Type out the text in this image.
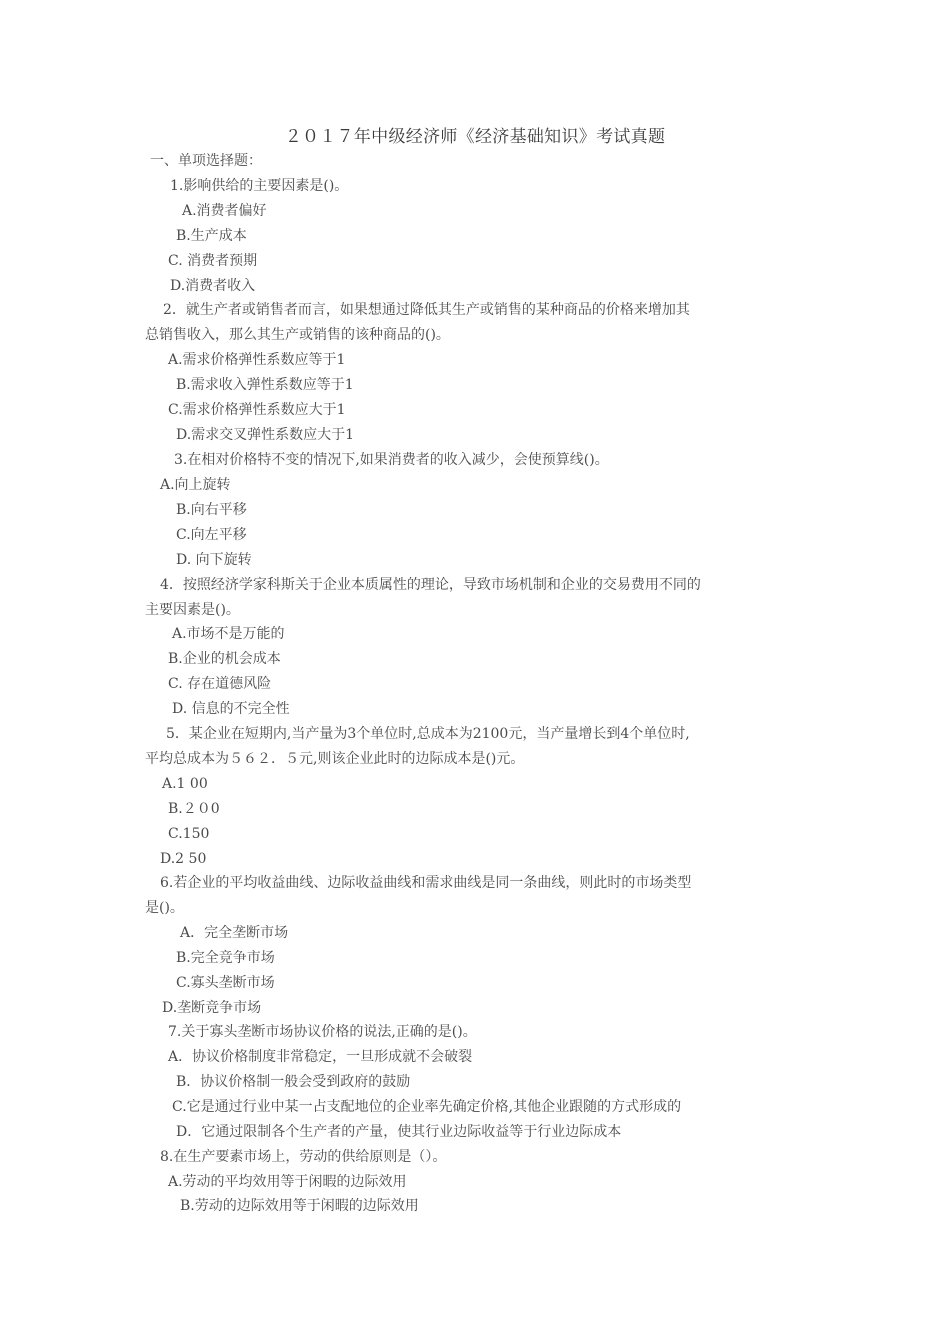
２０１７年中级经济师《经济基础知识》考试真题
一、单项选择题：
1.影响供给的主要因素是()。
A.消费者偏好
B.生产成本
C. 消费者预期
D.消费者收入
2．就生产者或销售者而言，如果想通过降低其生产或销售的某种商品的价格来增加其
总销售收入，那么其生产或销售的该种商品的()。
A.需求价格弹性系数应等于1
B.需求收入弹性系数应等于1
C.需求价格弹性系数应大于1
D.需求交叉弹性系数应大于1
3.在相对价格特不变的情况下,如果消费者的收入减少，会使预算线()。
A.向上旋转
B.向右平移
C.向左平移
D. 向下旋转
4．按照经济学家科斯关于企业本质属性的理论，导致市场机制和企业的交易费用不同的
主要因素是()。
A.市场不是万能的
B.企业的机会成本
C. 存在道德风险
D. 信息的不完全性
5．某企业在短期内,当产量为3个单位时,总成本为2100元，当产量增长到4个单位时,
平均总成本为５６２．５元,则该企业此时的边际成本是()元。
A.1 00
B.２０0
C.150
D.2 50
6.若企业的平均收益曲线、边际收益曲线和需求曲线是同一条曲线，则此时的市场类型
是()。
A．完全垄断市场
B.完全竞争市场
C.寡头垄断市场
D.垄断竞争市场
7.关于寡头垄断市场协议价格的说法,正确的是()。
A．协议价格制度非常稳定，一旦形成就不会破裂
B．协议价格制一般会受到政府的鼓励
C.它是通过行业中某一占支配地位的企业率先确定价格,其他企业跟随的方式形成的
D．它通过限制各个生产者的产量，使其行业边际收益等于行业边际成本
8.在生产要素市场上，劳动的供给原则是（）。
A.劳动的平均效用等于闲暇的边际效用
B.劳动的边际效用等于闲暇的边际效用
